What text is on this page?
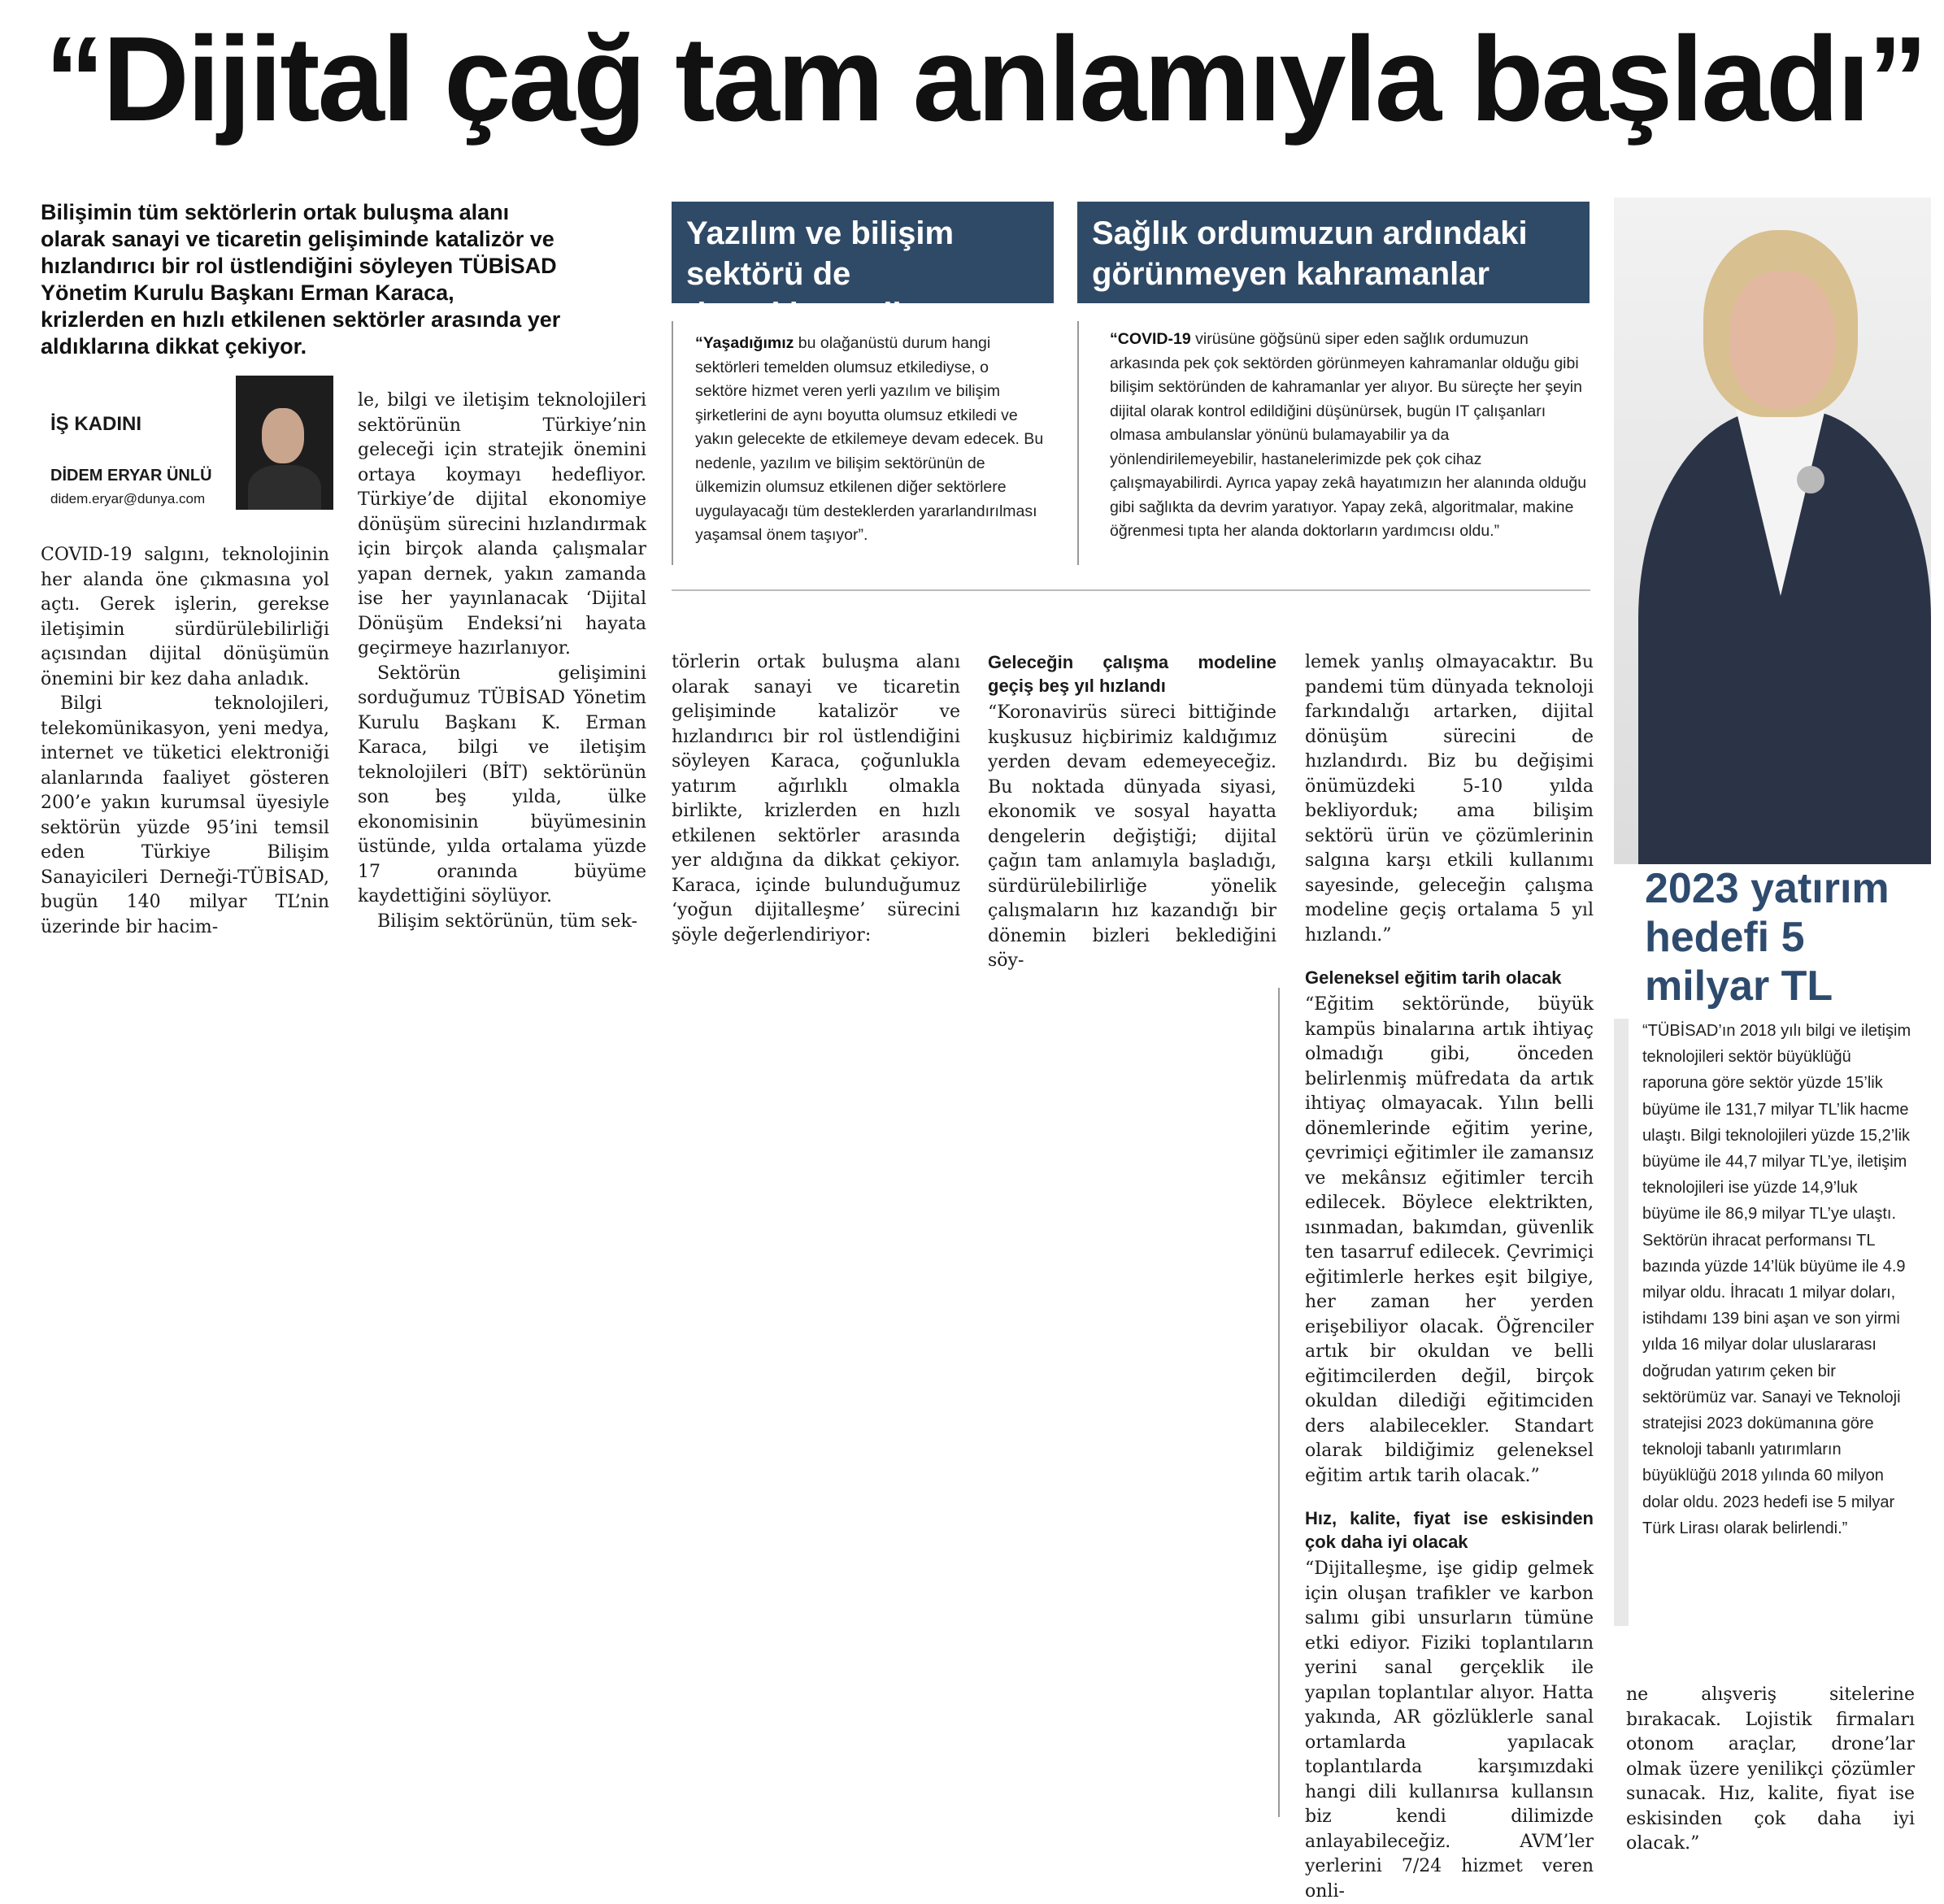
“Dijital çağ tam anlamıyla başladı”
Bilişimin tüm sektörlerin ortak buluşma alanı olarak sanayi ve ticaretin gelişiminde katalizör ve hızlandırıcı bir rol üstlendiğini söyleyen TÜBİSAD Yönetim Kurulu Başkanı Erman Karaca, krizlerden en hızlı etkilenen sektörler arasında yer aldıklarına dikkat çekiyor.
İŞ KADINI
DİDEM ERYAR ÜNLÜ
didem.eryar@dunya.com

COVID-19 salgını, teknolojinin her alanda öne çıkmasına yol açtı. Gerek işlerin, gerekse iletişimin sürdürülebilirliği açısından dijital dönüşümün önemini bir kez daha anladık.

Bilgi teknolojileri, telekomünikasyon, yeni medya, internet ve tüketici elektroniği alanlarında faaliyet gösteren 200’e yakın kurumsal üyesiyle sektörün yüzde 95’ini temsil eden Türkiye Bilişim Sanayicileri Derneği-TÜBİSAD, bugün 140 milyar TL’nin üzerinde bir hacim-

le, bilgi ve iletişim teknolojileri sektörünün Türkiye’nin geleceği için stratejik önemini ortaya koymayı hedefliyor. Türkiye’de dijital ekonomiye dönüşüm sürecini hızlandırmak için birçok alanda çalışmalar yapan dernek, yakın zamanda ise her yayınlanacak ‘Dijital Dönüşüm Endeksi’ni hayata geçirmeye hazırlanıyor.

Sektörün gelişimini sorduğumuz TÜBİSAD Yönetim Kurulu Başkanı K. Erman Karaca, bilgi ve iletişim teknolojileri (BİT) sektörünün son beş yılda, ülke ekonomisinin büyümesinin üstünde, yılda ortalama yüzde 17 oranında büyüme kaydettiğini söylüyor.

Bilişim sektörünün, tüm sek-

Yazılım ve bilişim sektörü de desteklenmeli
“Yaşadığımız bu olağanüstü durum hangi sektörleri temelden olumsuz etkilediyse, o sektöre hizmet veren yerli yazılım ve bilişim şirketlerini de aynı boyutta olumsuz etkiledi ve yakın gelecekte de etkilemeye devam edecek. Bu nedenle, yazılım ve bilişim sektörünün de ülkemizin olumsuz etkilenen diğer sektörlere uygulayacağı tüm desteklerden yararlandırılması yaşamsal önem taşıyor”.
Sağlık ordumuzun ardındaki görünmeyen kahramanlar
“COVID-19 virüsüne göğsünü siper eden sağlık ordumuzun arkasında pek çok sektörden görünmeyen kahramanlar olduğu gibi bilişim sektöründen de kahramanlar yer alıyor. Bu süreçte her şeyin dijital olarak kontrol edildiğini düşünürsek, bugün IT çalışanları olmasa ambulanslar yönünü bulamayabilir ya da yönlendirilemeyebilir, hastanelerimizde pek çok cihaz çalışmayabilirdi. Ayrıca yapay zekâ hayatımızın her alanında olduğu gibi sağlıkta da devrim yaratıyor. Yapay zekâ, algoritmalar, makine öğrenmesi tıpta her alanda doktorların yardımcısı oldu.”

törlerin ortak buluşma alanı olarak sanayi ve ticaretin gelişiminde katalizör ve hızlandırıcı bir rol üstlendiğini söyleyen Karaca, çoğunlukla yatırım ağırlıklı olmakla birlikte, krizlerden en hızlı etkilenen sektörler arasında yer aldığına da dikkat çekiyor. Karaca, içinde bulunduğumuz ‘yoğun dijitalleşme’ sürecini şöyle değerlendiriyor:

Geleceğin çalışma modeline geçiş beş yıl hızlandı

“Koronavirüs süreci bittiğinde kuşkusuz hiçbirimiz kaldığımız yerden devam edemeyeceğiz. Bu noktada dünyada siyasi, ekonomik ve sosyal hayatta dengelerin değiştiği; dijital çağın tam anlamıyla başladığı, sürdürülebilirliğe yönelik çalışmaların hız kazandığı bir dönemin bizleri beklediğini söy-

lemek yanlış olmayacaktır. Bu pandemi tüm dünyada teknoloji farkındalığı artarken, dijital dönüşüm sürecini de hızlandırdı. Biz bu değişimi önümüzdeki 5-10 yılda bekliyorduk; ama bilişim sektörü ürün ve çözümlerinin salgına karşı etkili kullanımı sayesinde, geleceğin çalışma modeline geçiş ortalama 5 yıl hızlandı.”

Geleneksel eğitim tarih olacak

“Eğitim sektöründe, büyük kampüs binalarına artık ihtiyaç olmadığı gibi, önceden belirlenmiş müfredata da artık ihtiyaç olmayacak. Yılın belli dönemlerinde eğitim yerine, çevrimiçi eğitimler ile zamansız ve mekânsız eğitimler tercih edilecek. Böylece elektrikten, ısınmadan, bakımdan, güvenlik ten tasarruf edilecek. Çevrimiçi eğitimlerle herkes eşit bilgiye, her zaman her yerden erişebiliyor olacak. Öğrenciler artık bir okuldan ve belli eğitimcilerden değil, birçok okuldan dilediği eğitimciden ders alabilecekler. Standart olarak bildiğimiz geleneksel eğitim artık tarih olacak.”

Hız, kalite, fiyat ise eskisinden çok daha iyi olacak

“Dijitalleşme, işe gidip gelmek için oluşan trafikler ve karbon salımı gibi unsurların tümüne etki ediyor. Fiziki toplantıların yerini sanal gerçeklik ile yapılan toplantılar alıyor. Hatta yakında, AR gözlüklerle sanal ortamlarda yapılacak toplantılarda karşımızdaki hangi dili kullanırsa kullansın biz kendi dilimizde anlayabileceğiz. AVM’ler yerlerini 7/24 hizmet veren onli-

2023 yatırım hedefi 5 milyar TL
“TÜBİSAD’ın 2018 yılı bilgi ve iletişim teknolojileri sektör büyüklüğü raporuna göre sektör yüzde 15’lik büyüme ile 131,7 milyar TL’lik hacme ulaştı. Bilgi teknolojileri yüzde 15,2’lik büyüme ile 44,7 milyar TL’ye, iletişim teknolojileri ise yüzde 14,9’luk büyüme ile 86,9 milyar TL’ye ulaştı. Sektörün ihracat performansı TL bazında yüzde 14’lük büyüme ile 4.9 milyar oldu. İhracatı 1 milyar doları, istihdamı 139 bini aşan ve son yirmi yılda 16 milyar dolar uluslararası doğrudan yatırım çeken bir sektörümüz var. Sanayi ve Teknoloji stratejisi 2023 dokümanına göre teknoloji tabanlı yatırımların büyüklüğü 2018 yılında 60 milyon dolar oldu. 2023 hedefi ise 5 milyar Türk Lirası olarak belirlendi.”

ne alışveriş sitelerine bırakacak. Lojistik firmaları otonom araçlar, drone’lar olmak üzere yenilikçi çözümler sunacak. Hız, kalite, fiyat ise eskisinden çok daha iyi olacak.”
